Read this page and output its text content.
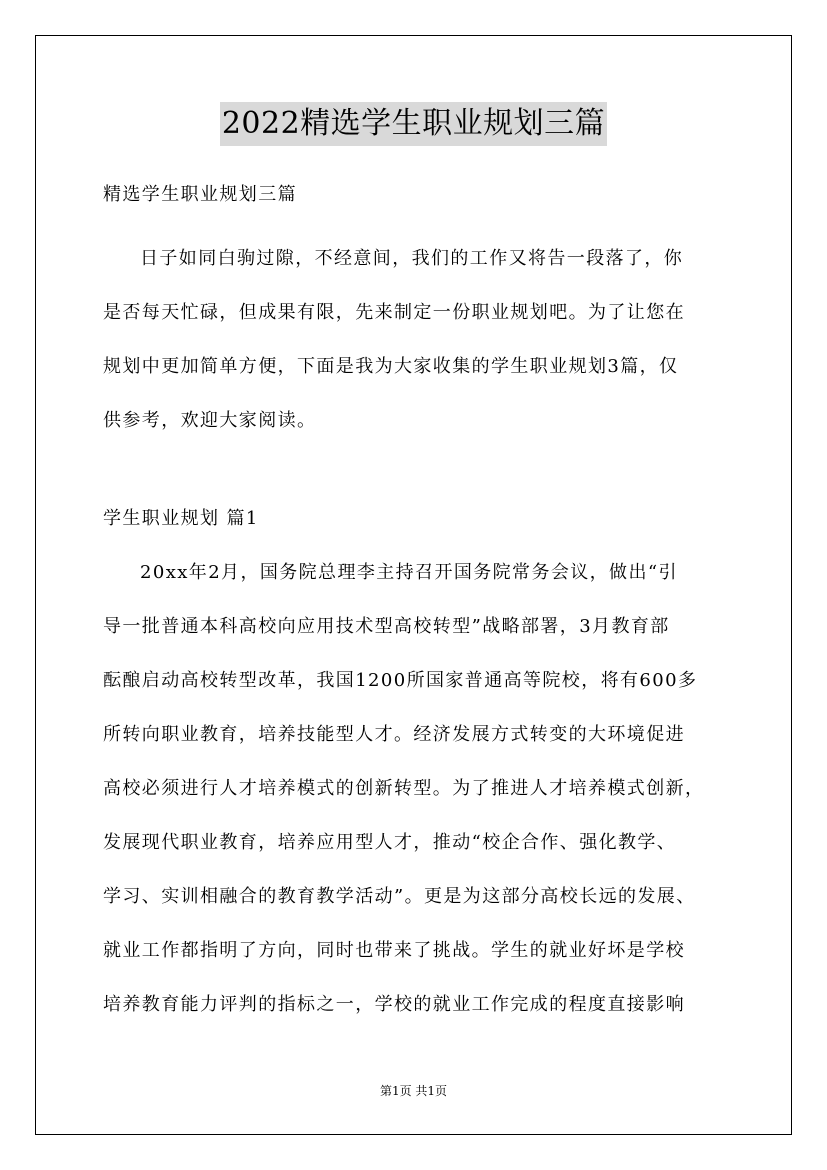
2022精选学生职业规划三篇
精选学生职业规划三篇
日子如同白驹过隙，不经意间，我们的工作又将告一段落了，你
是否每天忙碌，但成果有限，先来制定一份职业规划吧。为了让您在
规划中更加简单方便，下面是我为大家收集的学生职业规划3篇，仅
供参考，欢迎大家阅读。
学生职业规划 篇1
20xx年2月，国务院总理李主持召开国务院常务会议，做出“引
导一批普通本科高校向应用技术型高校转型”战略部署，3月教育部
酝酿启动高校转型改革，我国1200所国家普通高等院校，将有600多
所转向职业教育，培养技能型人才。经济发展方式转变的大环境促进
高校必须进行人才培养模式的创新转型。为了推进人才培养模式创新，
发展现代职业教育，培养应用型人才，推动“校企合作、强化教学、
学习、实训相融合的教育教学活动”。更是为这部分高校长远的发展、
就业工作都指明了方向，同时也带来了挑战。学生的就业好坏是学校
培养教育能力评判的指标之一，学校的就业工作完成的程度直接影响
第1页 共1页
